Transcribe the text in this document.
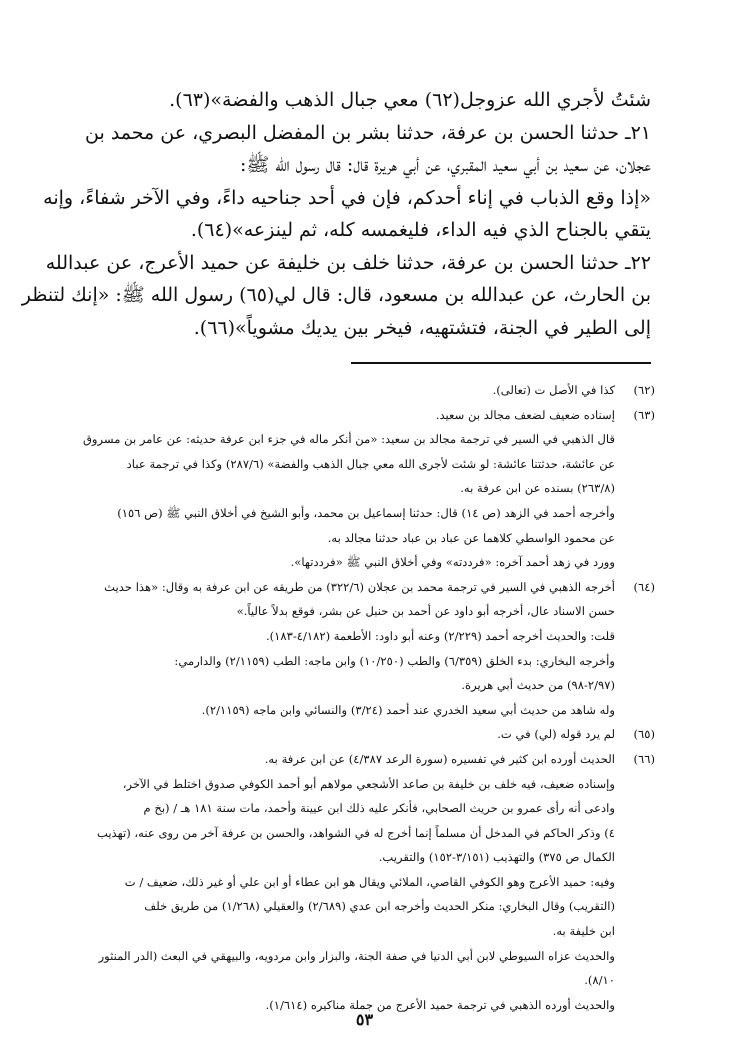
شئتُ لأجري الله عزوجل(٦٢) معي جبال الذهب والفضة»(٦٣).

٢١ـ حدثنا الحسن بن عرفة، حدثنا بشر بن المفضل البصري، عن محمد بن
عجلان، عن سعيد بن أبي سعيد المقبري، عن أبي هريرة قال: قال رسول الله ﷺ:
«إذا وقع الذباب في إناء أحدكم، فإن في أحد جناحيه داءً، وفي الآخر شفاءً، وإنه
يتقي بالجناح الذي فيه الداء، فليغمسه كله، ثم لينزعه»(٦٤).

٢٢ـ حدثنا الحسن بن عرفة، حدثنا خلف بن خليفة عن حميد الأعرج، عن عبدالله
بن الحارث، عن عبدالله بن مسعود، قال: قال لي(٦٥) رسول الله ﷺ: «إنك لتنظر
إلى الطير في الجنة، فتشتهيه، فيخر بين يديك مشوياً»(٦٦).

(٦٢)
كذا في الأصل ت (تعالى).
(٦٣)
إسناده ضعيف لضعف مجالد بن سعيد.
قال الذهبي في السير في ترجمة مجالد بن سعيد: «من أنكر ماله في جزء ابن عرفة حديثه: عن عامر بن مسروق
عن عائشة، حدثتنا عائشة: لو شئت لأجرى الله معي جبال الذهب والفضة» (٢٨٧/٦) وكذا في ترجمة عباد
(٢٦٣/٨) بسنده عن ابن عرفة به.
وأخرجه أحمد في الزهد (ص ١٤) قال: حدثنا إسماعيل بن محمد، وأبو الشيخ في أخلاق النبي ﷺ (ص ١٥٦)
عن محمود الواسطي كلاهما عن عباد بن عباد حدثنا مجالد به.
وورد في زهد أحمد آخره: «فرددته» وفي أخلاق النبي ﷺ «فرددتها».
(٦٤)
أخرجه الذهبي في السير في ترجمة محمد بن عجلان (٣٢٢/٦) من طريقه عن ابن عرفة به وقال: «هذا حديث
حسن الاسناد عال، أخرجه أبو داود عن أحمد بن حنبل عن بشر، فوقع بدلاً عالياً.»
قلت: والحديث أخرجه أحمد (٢/٢٢٩) وعنه أبو داود: الأطعمة (٤/١٨٢-١٨٣).
وأخرجه البخاري: بدء الخلق (٦/٣٥٩) والطب (١٠/٢٥٠) وابن ماجه: الطب (٢/١١٥٩) والدارمي:
(٢/٩٧-٩٨) من حديث أبي هريرة.
وله شاهد من حديث أبي سعيد الخدري عند أحمد (٣/٢٤) والنسائي وابن ماجه (٢/١١٥٩).
(٦٥)
لم يرد قوله (لي) في ت.
(٦٦)
الحديث أورده ابن كثير في تفسيره (سورة الرعد ٤/٣٨٧) عن ابن عرفة به.
وإسناده ضعيف، فيه خلف بن خليفة بن صاعد الأشجعي مولاهم أبو أحمد الكوفي صدوق اختلط في الآخر،
وادعى أنه رأى عمرو بن حريث الصحابي، فأنكر عليه ذلك ابن عيينة وأحمد، مات سنة ١٨١ هـ / (بخ م
٤) وذكر الحاكم في المدخل أن مسلماً إنما أخرج له في الشواهد، والحسن بن عرفة آخر من روى عنه، (تهذيب
الكمال ص ٣٧٥) والتهذيب (٣/١٥١-١٥٢) والتقريب.
وفيه: حميد الأعرج وهو الكوفي القاصي، الملائي ويقال هو ابن عطاء أو ابن علي أو غير ذلك، ضعيف / ت
(التقريب) وقال البخاري: منكر الحديث وأخرجه ابن عدي (٢/٦٨٩) والعقيلي (١/٢٦٨) من طريق خلف
ابن خليفة به.
والحديث عزاه السيوطي لابن أبي الدنيا في صفة الجنة، والبزار وابن مردويه، والبيهقي في البعث (الدر المنثور
٨/١٠).
والحديث أورده الذهبي في ترجمة حميد الأعرج من جملة مناكيره (١/٦١٤).
٥٣
